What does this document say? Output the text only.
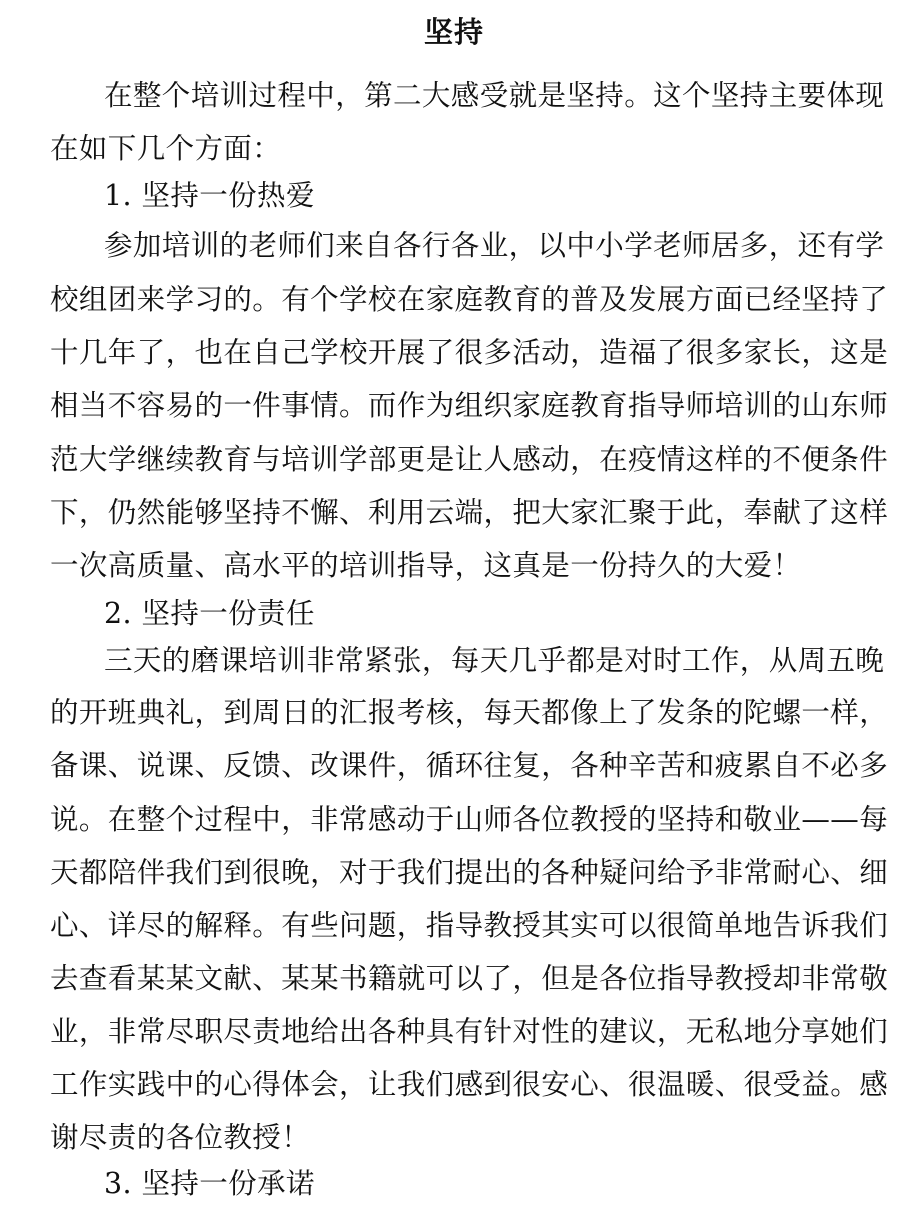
坚持
在整个培训过程中，第二大感受就是坚持。这个坚持主要体现
在如下几个方面：
1. 坚持一份热爱
参加培训的老师们来自各行各业，以中小学老师居多，还有学
校组团来学习的。有个学校在家庭教育的普及发展方面已经坚持了
十几年了，也在自己学校开展了很多活动，造福了很多家长，这是
相当不容易的一件事情。而作为组织家庭教育指导师培训的山东师
范大学继续教育与培训学部更是让人感动，在疫情这样的不便条件
下，仍然能够坚持不懈、利用云端，把大家汇聚于此，奉献了这样
一次高质量、高水平的培训指导，这真是一份持久的大爱！
2. 坚持一份责任
三天的磨课培训非常紧张，每天几乎都是对时工作，从周五晚
的开班典礼，到周日的汇报考核，每天都像上了发条的陀螺一样，
备课、说课、反馈、改课件，循环往复，各种辛苦和疲累自不必多
说。在整个过程中，非常感动于山师各位教授的坚持和敬业——每
天都陪伴我们到很晚，对于我们提出的各种疑问给予非常耐心、细
心、详尽的解释。有些问题，指导教授其实可以很简单地告诉我们
去查看某某文献、某某书籍就可以了，但是各位指导教授却非常敬
业，非常尽职尽责地给出各种具有针对性的建议，无私地分享她们
工作实践中的心得体会，让我们感到很安心、很温暖、很受益。感
谢尽责的各位教授！
3. 坚持一份承诺
